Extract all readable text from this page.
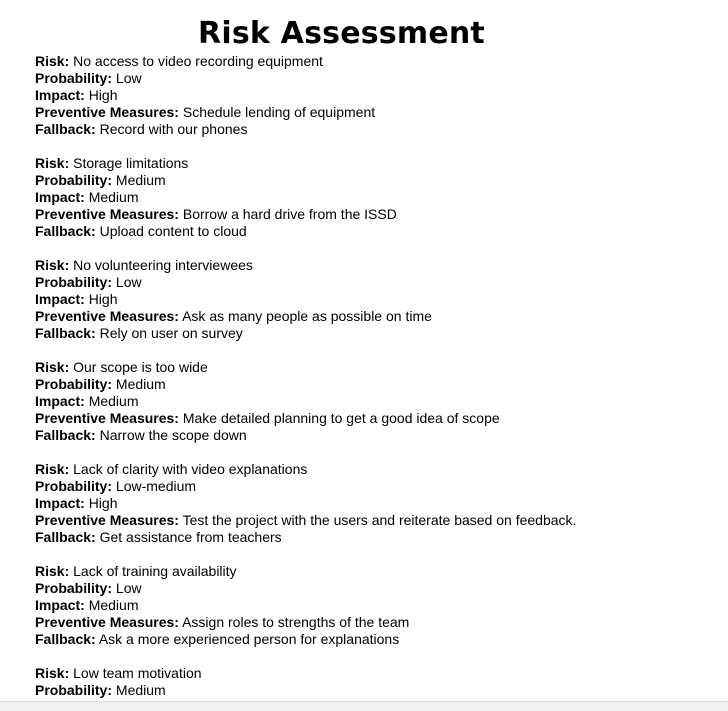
Risk Assessment
Risk: No access to video recording equipment
Probability: Low
Impact: High
Preventive Measures: Schedule lending of equipment
Fallback: Record with our phones
Risk: Storage limitations
Probability: Medium
Impact: Medium
Preventive Measures: Borrow a hard drive from the ISSD
Fallback: Upload content to cloud
Risk: No volunteering interviewees
Probability: Low
Impact: High
Preventive Measures: Ask as many people as possible on time
Fallback: Rely on user on survey
Risk: Our scope is too wide
Probability: Medium
Impact: Medium
Preventive Measures: Make detailed planning to get a good idea of scope
Fallback: Narrow the scope down
Risk: Lack of clarity with video explanations
Probability: Low-medium
Impact: High
Preventive Measures: Test the project with the users and reiterate based on feedback.
Fallback: Get assistance from teachers
Risk: Lack of training availability
Probability: Low
Impact: Medium
Preventive Measures: Assign roles to strengths of the team
Fallback: Ask a more experienced person for explanations
Risk: Low team motivation
Probability: Medium
